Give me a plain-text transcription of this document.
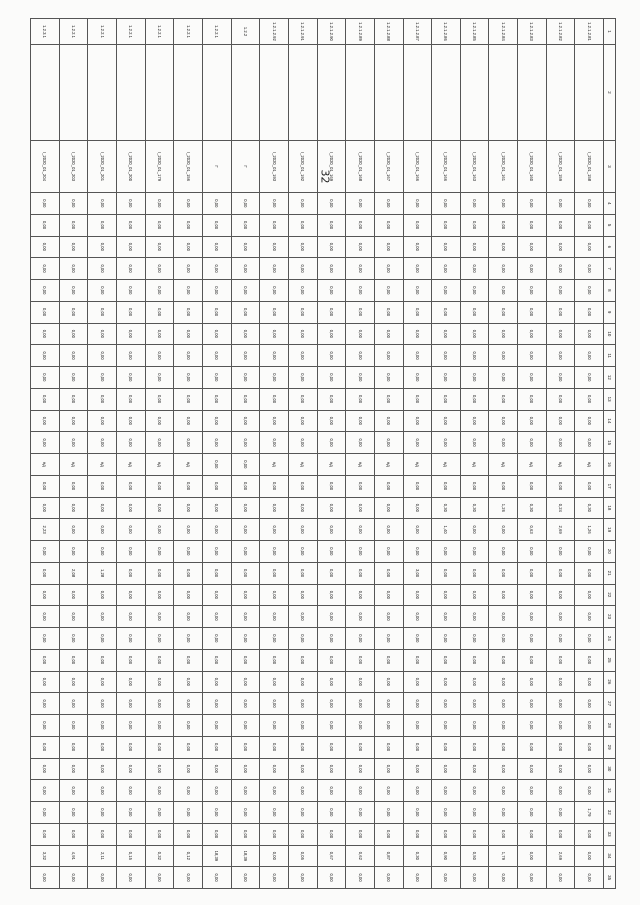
32
1	2	3	4	5	6	7	8	9	10	11	12	13	14	15	16	17	18	19	20	21	22	23	24	25	26	27	28	29	30	31	32	33	34	35
1.2.1.2.81		I_2020_01_158	0,00	0,00	0,00	0,00	0,00	0,00	0,00	0,00	0,00	0,00	0,00	0,00	нд	0,00	0,30	1,26	0,00	0,00	0,00	0,00	0,00	0,00	0,00	0,00	0,00	0,00	0,00	0,00	1,79	0,00	0,00	0,00
1.2.1.2.82		I_2020_01_159	0,00	0,00	0,00	0,00	0,00	0,00	0,00	0,00	0,00	0,00	0,00	0,00	нд	0,00	0,24	2,69	0,00	0,00	0,00	0,00	0,00	0,00	0,00	0,00	0,00	0,00	0,00	0,00	0,00	0,00	2,69	0,00
1.2.1.2.83		I_2020_01_160	0,00	0,00	0,00	0,00	0,00	0,00	0,00	0,00	0,00	0,00	0,00	0,00	нд	0,00	0,30	0,63	0,00	0,00	0,00	0,00	0,00	0,00	0,00	0,00	0,00	0,00	0,00	0,00	0,00	0,00	0,00	0,00
1.2.1.2.84		I_2020_01_161	0,00	0,00	0,00	0,00	0,00	0,00	0,00	0,00	0,00	0,00	0,00	0,00	нд	0,00	1,26	0,00	0,00	0,00	0,00	0,00	0,00	0,00	0,00	0,00	0,00	0,00	0,00	0,00	0,00	0,00	1,79	0,00
1.2.1.2.85		I_2020_01_163	0,00	0,00	0,00	0,00	0,00	0,00	0,00	0,00	0,00	0,00	0,00	0,00	нд	0,00	0,30	0,00	0,00	0,00	0,00	0,00	0,00	0,00	0,00	0,00	0,00	0,00	0,00	0,00	0,00	0,00	0,50	0,00
1.2.1.2.86		I_2020_01_166	0,00	0,00	0,00	0,00	0,00	0,00	0,00	0,00	0,00	0,00	0,00	0,00	нд	0,00	0,30	1,40	0,00	0,00	0,00	0,00	0,00	0,00	0,00	0,00	0,00	0,00	0,00	0,00	0,00	0,00	0,90	0,00
1.2.1.2.87		I_2020_01_166	0,00	0,00	0,00	0,00	0,00	0,00	0,00	0,00	0,00	0,00	0,00	0,00	нд	0,00	0,00	0,00	0,00	3,00	0,00	0,00	0,00	0,00	0,00	0,00	0,00	0,00	0,00	0,00	0,00	0,00	0,30	0,00
1.2.1.2.88		I_2020_01_167	0,00	0,00	0,00	0,00	0,00	0,00	0,00	0,00	0,00	0,00	0,00	0,00	нд	0,00	0,00	0,00	0,00	0,00	0,00	0,00	0,00	0,00	0,00	0,00	0,00	0,00	0,00	0,00	0,00	0,00	0,87	0,00
1.2.1.2.89		I_2020_01_168	0,00	0,00	0,00	0,00	0,00	0,00	0,00	0,00	0,00	0,00	0,00	0,00	нд	0,00	0,00	0,00	0,00	0,00	0,00	0,00	0,00	0,00	0,00	0,00	0,00	0,00	0,00	0,00	0,00	0,00	0,62	0,00
1.2.1.2.90		I_2020_01_169	0,00	0,00	0,00	0,00	0,00	0,00	0,00	0,00	0,00	0,00	0,00	0,00	нд	0,00	0,00	0,00	0,00	0,00	0,00	0,00	0,00	0,00	0,00	0,00	0,00	0,00	0,00	0,00	0,00	0,00	0,67	0,00
1.2.1.2.91		I_2020_01_192	0,00	0,00	0,00	0,00	0,00	0,00	0,00	0,00	0,00	0,00	0,00	0,00	нд	0,00	0,00	0,00	0,00	0,00	0,00	0,00	0,00	0,00	0,00	0,00	0,00	0,00	0,00	0,00	0,00	0,00	0,05	0,00
1.2.1.2.92		I_2020_01_193	0,00	0,00	0,00	0,00	0,00	0,00	0,00	0,00	0,00	0,00	0,00	0,00	нд	0,00	0,00	0,00	0,00	0,00	0,00	0,00	0,00	0,00	0,00	0,00	0,00	0,00	0,00	0,00	0,00	0,00	0,00	0,00
1.2.2		Г	0,00	0,00	0,00	0,00	0,00	0,00	0,00	0,00	0,00	0,00	0,00	0,00	0,00	0,00	0,00	0,00	0,00	0,00	0,00	0,00	0,00	0,00	0,00	0,00	0,00	0,00	0,00	0,00	0,00	0,00	18,39	0,00
1.2.2.1		Г	0,00	0,00	0,00	0,00	0,00	0,00	0,00	0,00	0,00	0,00	0,00	0,00	0,00	0,00	0,00	0,00	0,00	0,00	0,00	0,00	0,00	0,00	0,00	0,00	0,00	0,00	0,00	0,00	0,00	0,00	18,39	0,00
1.2.2.1		I_2020_01_156	0,00	0,00	0,00	0,00	0,00	0,00	0,00	0,00	0,00	0,00	0,00	0,00	нд	0,00	0,00	0,00	0,00	0,00	0,00	0,00	0,00	0,00	0,00	0,00	0,00	0,00	0,00	0,00	0,00	0,00	0,12	0,00
1.2.2.1		I_2020_01_179	0,00	0,00	0,00	0,00	0,00	0,00	0,00	0,00	0,00	0,00	0,00	0,00	нд	0,00	0,00	0,00	0,00	0,00	0,00	0,00	0,00	0,00	0,00	0,00	0,00	0,00	0,00	0,00	0,00	0,00	0,32	0,00
1.2.2.1		I_2020_01_200	0,00	0,00	0,00	0,00	0,00	0,00	0,00	0,00	0,00	0,00	0,00	0,00	нд	0,00	0,00	0,00	0,00	0,00	0,00	0,00	0,00	0,00	0,00	0,00	0,00	0,00	0,00	0,00	0,00	0,00	0,15	0,00
1.2.2.1		I_2020_01_201	0,00	0,00	0,00	0,00	0,00	0,00	0,00	0,00	0,00	0,00	0,00	0,00	нд	0,00	0,00	0,00	0,00	1,28	0,00	0,00	0,00	0,00	0,00	0,00	0,00	0,00	0,00	0,00	0,00	0,00	2,11	0,00
1.2.2.1		I_2020_01_203	0,00	0,00	0,00	0,00	0,00	0,00	0,00	0,00	0,00	0,00	0,00	0,00	нд	0,00	0,00	0,00	0,00	2,08	0,00	0,00	0,00	0,00	0,00	0,00	0,00	0,00	0,00	0,00	0,00	0,00	4,91	0,00
1.2.3.1		I_2020_01_204	0,00	0,00	0,00	0,00	0,00	0,00	0,00	0,00	0,00	0,00	0,00	0,00	нд	0,00	0,00	2,23	0,00	0,00	0,00	0,00	0,00	0,00	0,00	0,00	0,00	0,00	0,00	0,00	0,00	0,00	3,32	0,00
